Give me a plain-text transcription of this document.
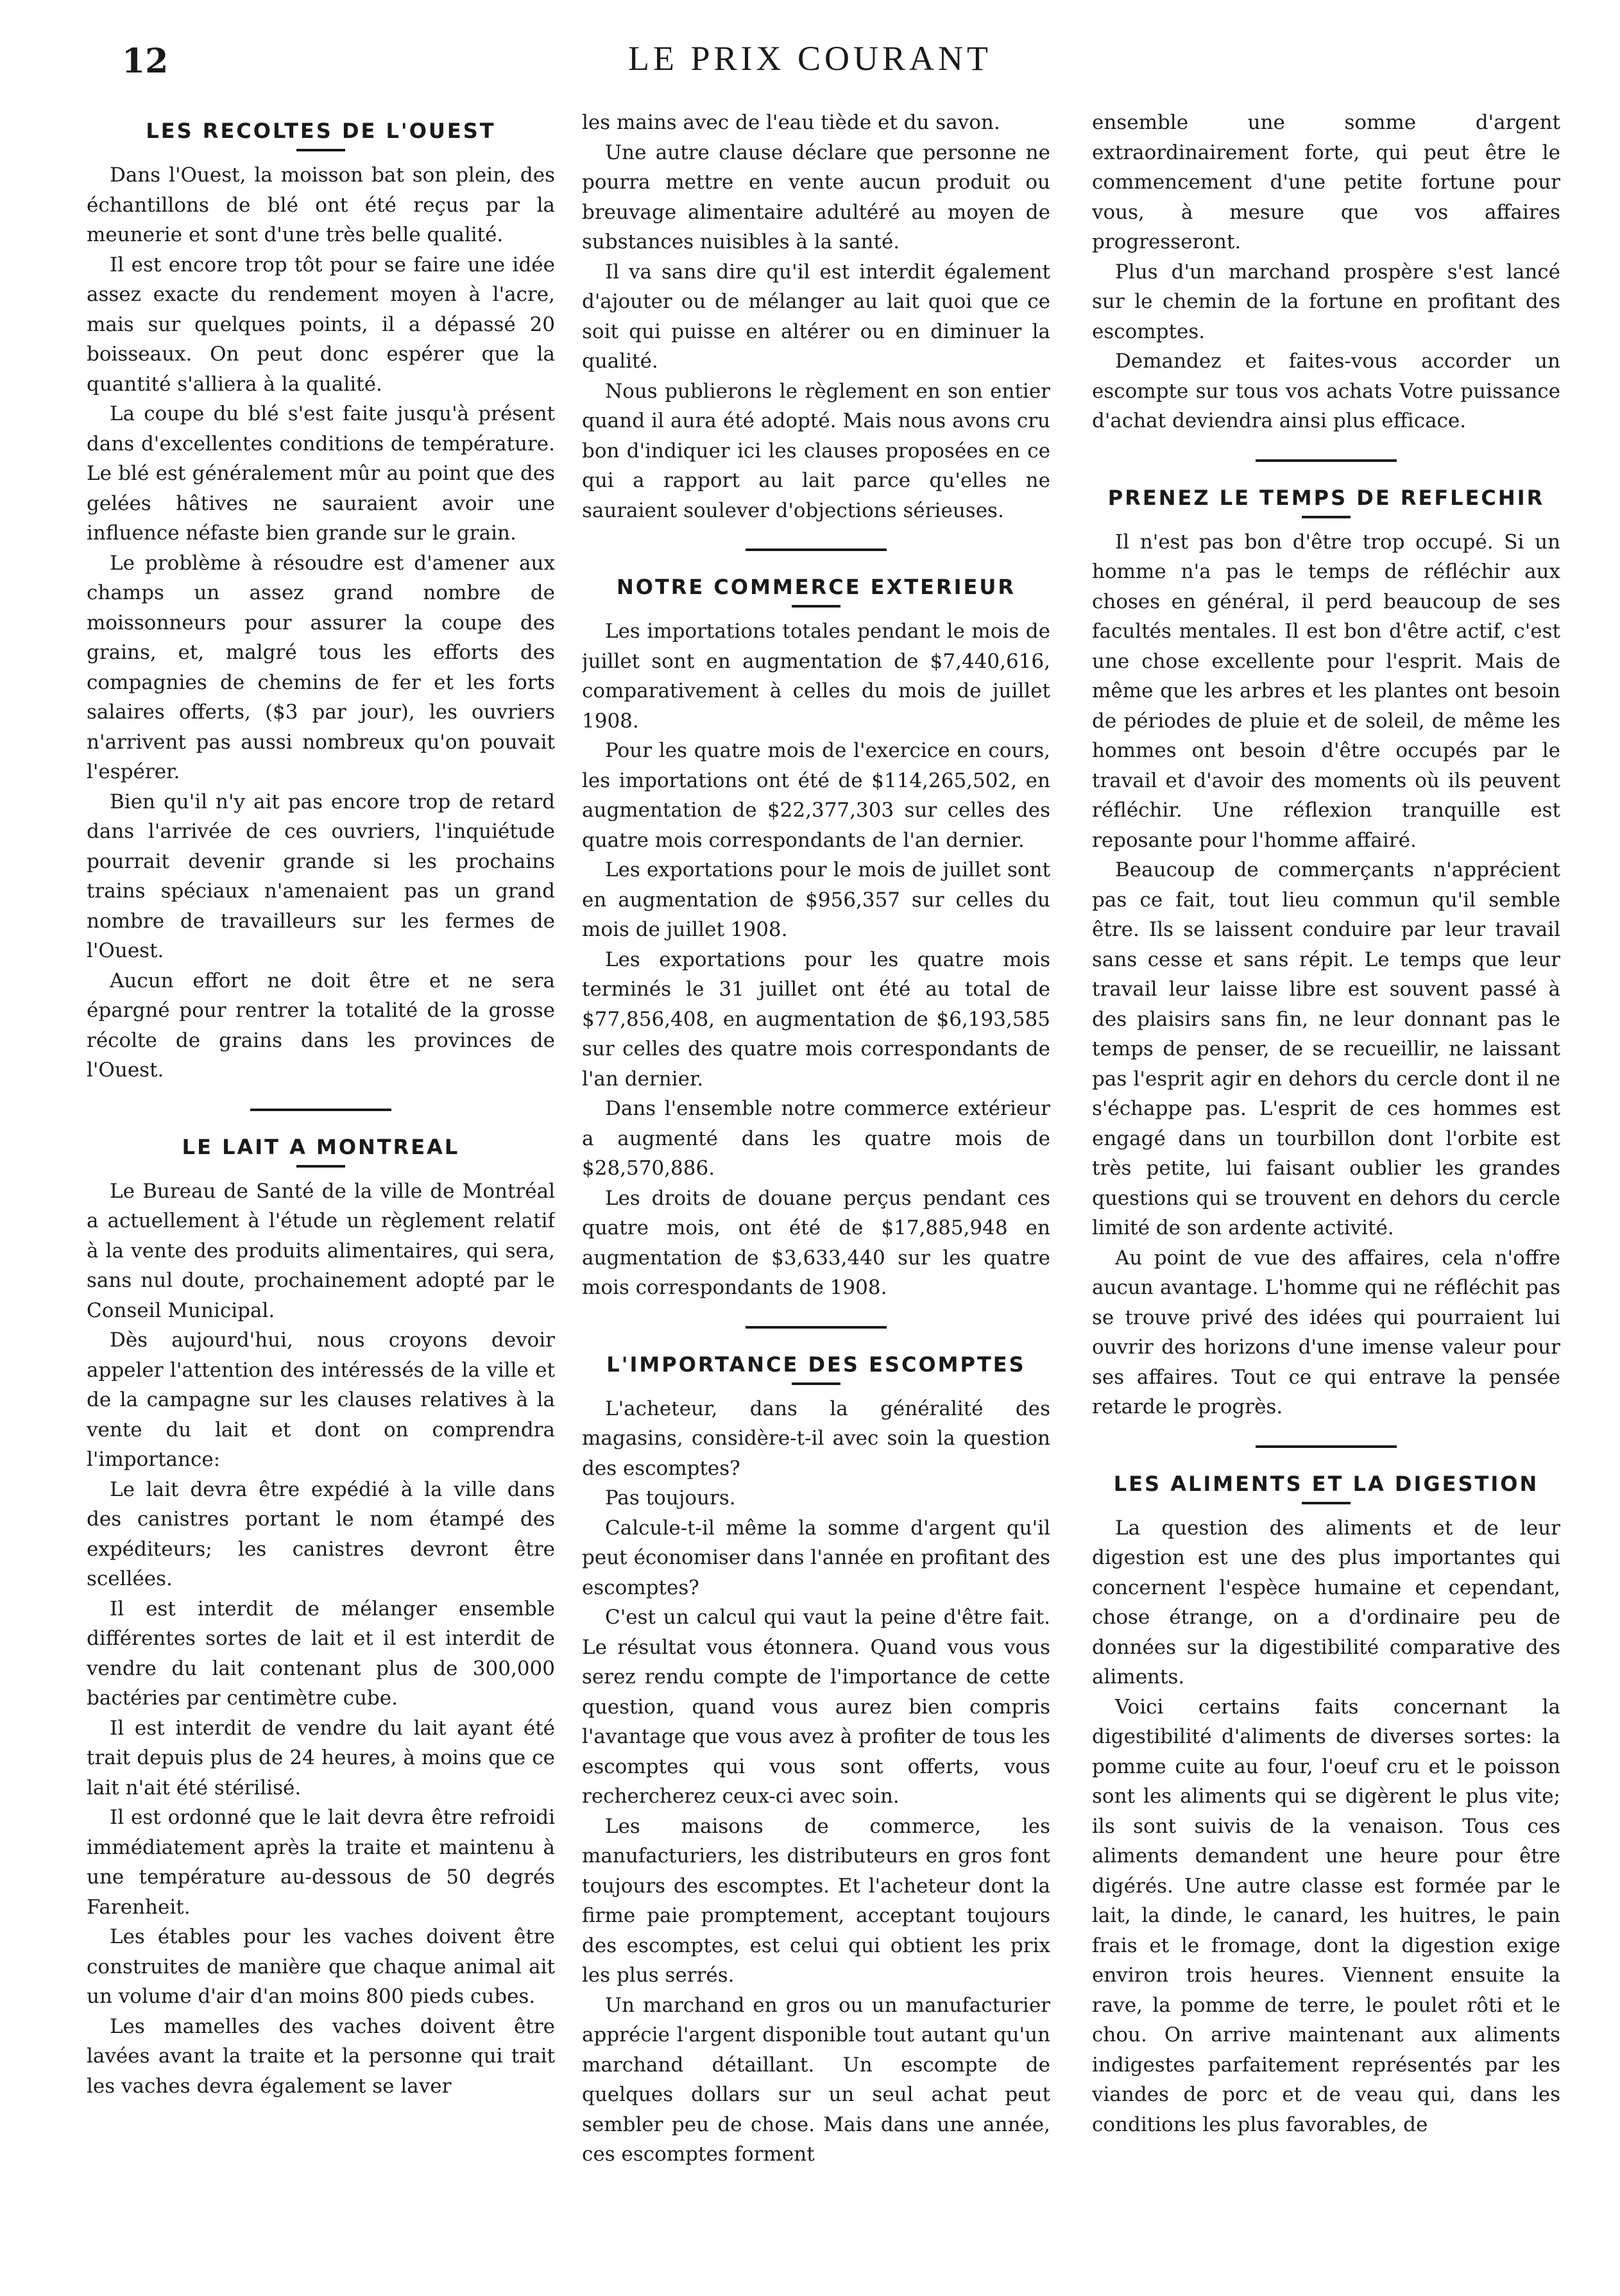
12	LE PRIX COURANT
LES RECOLTES DE L'OUEST

Dans l'Ouest, la moisson bat son plein, des échantillons de blé ont été reçus par la meunerie et sont d'une très belle qualité.

Il est encore trop tôt pour se faire une idée assez exacte du rendement moyen à l'acre, mais sur quelques points, il a dépassé 20 boisseaux. On peut donc espérer que la quantité s'alliera à la qualité.

La coupe du blé s'est faite jusqu'à présent dans d'excellentes conditions de température. Le blé est généralement mûr au point que des gelées hâtives ne sauraient avoir une influence néfaste bien grande sur le grain.

Le problème à résoudre est d'amener aux champs un assez grand nombre de moissonneurs pour assurer la coupe des grains, et, malgré tous les efforts des compagnies de chemins de fer et les forts salaires offerts, ($3 par jour), les ouvriers n'arrivent pas aussi nombreux qu'on pouvait l'espérer.

Bien qu'il n'y ait pas encore trop de retard dans l'arrivée de ces ouvriers, l'inquiétude pourrait devenir grande si les prochains trains spéciaux n'amenaient pas un grand nombre de travailleurs sur les fermes de l'Ouest.

Aucun effort ne doit être et ne sera épargné pour rentrer la totalité de la grosse récolte de grains dans les provinces de l'Ouest.

LE LAIT A MONTREAL

Le Bureau de Santé de la ville de Montréal a actuellement à l'étude un règlement relatif à la vente des produits alimentaires, qui sera, sans nul doute, prochainement adopté par le Conseil Municipal.

Dès aujourd'hui, nous croyons devoir appeler l'attention des intéressés de la ville et de la campagne sur les clauses relatives à la vente du lait et dont on comprendra l'importance:

Le lait devra être expédié à la ville dans des canistres portant le nom étampé des expéditeurs; les canistres devront être scellées.

Il est interdit de mélanger ensemble différentes sortes de lait et il est interdit de vendre du lait contenant plus de 300,000 bactéries par centimètre cube.

Il est interdit de vendre du lait ayant été trait depuis plus de 24 heures, à moins que ce lait n'ait été stérilisé.

Il est ordonné que le lait devra être refroidi immédiatement après la traite et maintenu à une température au-dessous de 50 degrés Farenheit.

Les étables pour les vaches doivent être construites de manière que chaque animal ait un volume d'air d'an moins 800 pieds cubes.

Les mamelles des vaches doivent être lavées avant la traite et la personne qui trait les vaches devra également se laver

les mains avec de l'eau tiède et du savon.

Une autre clause déclare que personne ne pourra mettre en vente aucun produit ou breuvage alimentaire adultéré au moyen de substances nuisibles à la santé.

Il va sans dire qu'il est interdit également d'ajouter ou de mélanger au lait quoi que ce soit qui puisse en altérer ou en diminuer la qualité.

Nous publierons le règlement en son entier quand il aura été adopté. Mais nous avons cru bon d'indiquer ici les clauses proposées en ce qui a rapport au lait parce qu'elles ne sauraient soulever d'objections sérieuses.

NOTRE COMMERCE EXTERIEUR

Les importations totales pendant le mois de juillet sont en augmentation de $7,440,616, comparativement à celles du mois de juillet 1908.

Pour les quatre mois de l'exercice en cours, les importations ont été de $114,265,502, en augmentation de $22,377,303 sur celles des quatre mois correspondants de l'an dernier.

Les exportations pour le mois de juillet sont en augmentation de $956,357 sur celles du mois de juillet 1908.

Les exportations pour les quatre mois terminés le 31 juillet ont été au total de $77,856,408, en augmentation de $6,193,585 sur celles des quatre mois correspondants de l'an dernier.

Dans l'ensemble notre commerce extérieur a augmenté dans les quatre mois de $28,570,886.

Les droits de douane perçus pendant ces quatre mois, ont été de $17,885,948 en augmentation de $3,633,440 sur les quatre mois correspondants de 1908.

L'IMPORTANCE DES ESCOMPTES

L'acheteur, dans la généralité des magasins, considère-t-il avec soin la question des escomptes?

Pas toujours.

Calcule-t-il même la somme d'argent qu'il peut économiser dans l'année en profitant des escomptes?

C'est un calcul qui vaut la peine d'être fait. Le résultat vous étonnera. Quand vous vous serez rendu compte de l'importance de cette question, quand vous aurez bien compris l'avantage que vous avez à profiter de tous les escomptes qui vous sont offerts, vous rechercherez ceux-ci avec soin.

Les maisons de commerce, les manufacturiers, les distributeurs en gros font toujours des escomptes. Et l'acheteur dont la firme paie promptement, acceptant toujours des escomptes, est celui qui obtient les prix les plus serrés.

Un marchand en gros ou un manufacturier apprécie l'argent disponible tout autant qu'un marchand détaillant. Un escompte de quelques dollars sur un seul achat peut sembler peu de chose. Mais dans une année, ces escomptes forment

ensemble une somme d'argent extraordinairement forte, qui peut être le commencement d'une petite fortune pour vous, à mesure que vos affaires progresseront.

Plus d'un marchand prospère s'est lancé sur le chemin de la fortune en profitant des escomptes.

Demandez et faites-vous accorder un escompte sur tous vos achats Votre puissance d'achat deviendra ainsi plus efficace.

PRENEZ LE TEMPS DE REFLECHIR

Il n'est pas bon d'être trop occupé. Si un homme n'a pas le temps de réfléchir aux choses en général, il perd beaucoup de ses facultés mentales. Il est bon d'être actif, c'est une chose excellente pour l'esprit. Mais de même que les arbres et les plantes ont besoin de périodes de pluie et de soleil, de même les hommes ont besoin d'être occupés par le travail et d'avoir des moments où ils peuvent réfléchir. Une réflexion tranquille est reposante pour l'homme affairé.

Beaucoup de commerçants n'apprécient pas ce fait, tout lieu commun qu'il semble être. Ils se laissent conduire par leur travail sans cesse et sans répit. Le temps que leur travail leur laisse libre est souvent passé à des plaisirs sans fin, ne leur donnant pas le temps de penser, de se recueillir, ne laissant pas l'esprit agir en dehors du cercle dont il ne s'échappe pas. L'esprit de ces hommes est engagé dans un tourbillon dont l'orbite est très petite, lui faisant oublier les grandes questions qui se trouvent en dehors du cercle limité de son ardente activité.

Au point de vue des affaires, cela n'offre aucun avantage. L'homme qui ne réfléchit pas se trouve privé des idées qui pourraient lui ouvrir des horizons d'une imense valeur pour ses affaires. Tout ce qui entrave la pensée retarde le progrès.

LES ALIMENTS ET LA DIGESTION

La question des aliments et de leur digestion est une des plus importantes qui concernent l'espèce humaine et cependant, chose étrange, on a d'ordinaire peu de données sur la digestibilité comparative des aliments.

Voici certains faits concernant la digestibilité d'aliments de diverses sortes: la pomme cuite au four, l'oeuf cru et le poisson sont les aliments qui se digèrent le plus vite; ils sont suivis de la venaison. Tous ces aliments demandent une heure pour être digérés. Une autre classe est formée par le lait, la dinde, le canard, les huitres, le pain frais et le fromage, dont la digestion exige environ trois heures. Viennent ensuite la rave, la pomme de terre, le poulet rôti et le chou. On arrive maintenant aux aliments indigestes parfaitement représentés par les viandes de porc et de veau qui, dans les conditions les plus favorables, de
